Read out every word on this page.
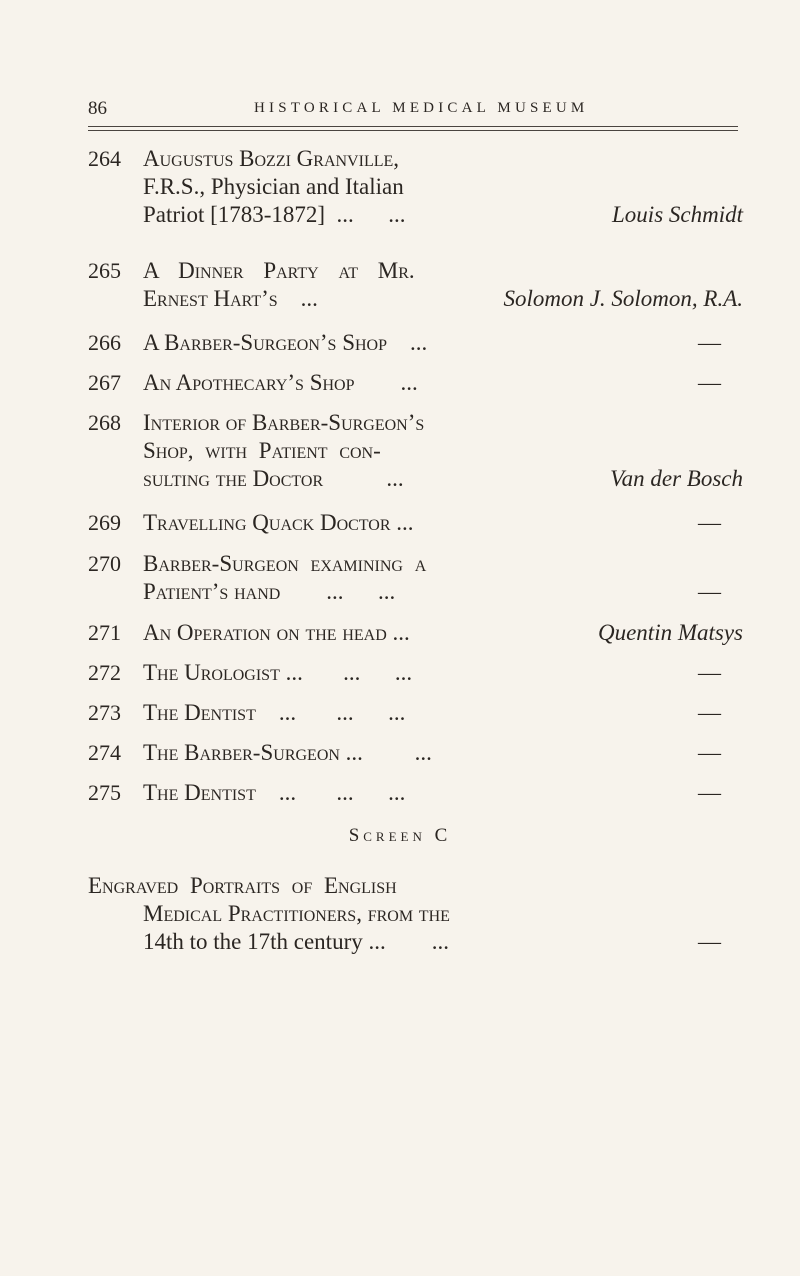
86	HISTORICAL MEDICAL MUSEUM
264 Augustus Bozzi Granville,
F.R.S., Physician and Italian
Patriot [1783-1872]  ...      ...	Louis Schmidt
265 A Dinner Party at Mr.
Ernest Hart’s    ...	Solomon J. Solomon, R.A.
266 A Barber-Surgeon’s Shop    ...	—
267 An Apothecary’s Shop        ...	—
268 Interior of Barber-Surgeon’s
Shop, with Patient con-
sulting the Doctor           ...	Van der Bosch
269 Travelling Quack Doctor ...	—
270 Barber-Surgeon examining a
Patient’s hand        ...      ...	—
271 An Operation on the head ...	Quentin Matsys
272 The Urologist ...       ...      ...	—
273 The Dentist    ...       ...      ...	—
274 The Barber-Surgeon ...         ...	—
275 The Dentist    ...       ...      ...	—
Screen C
Engraved Portraits of English
Medical Practitioners, from the
14th to the 17th century ...        ...	—
